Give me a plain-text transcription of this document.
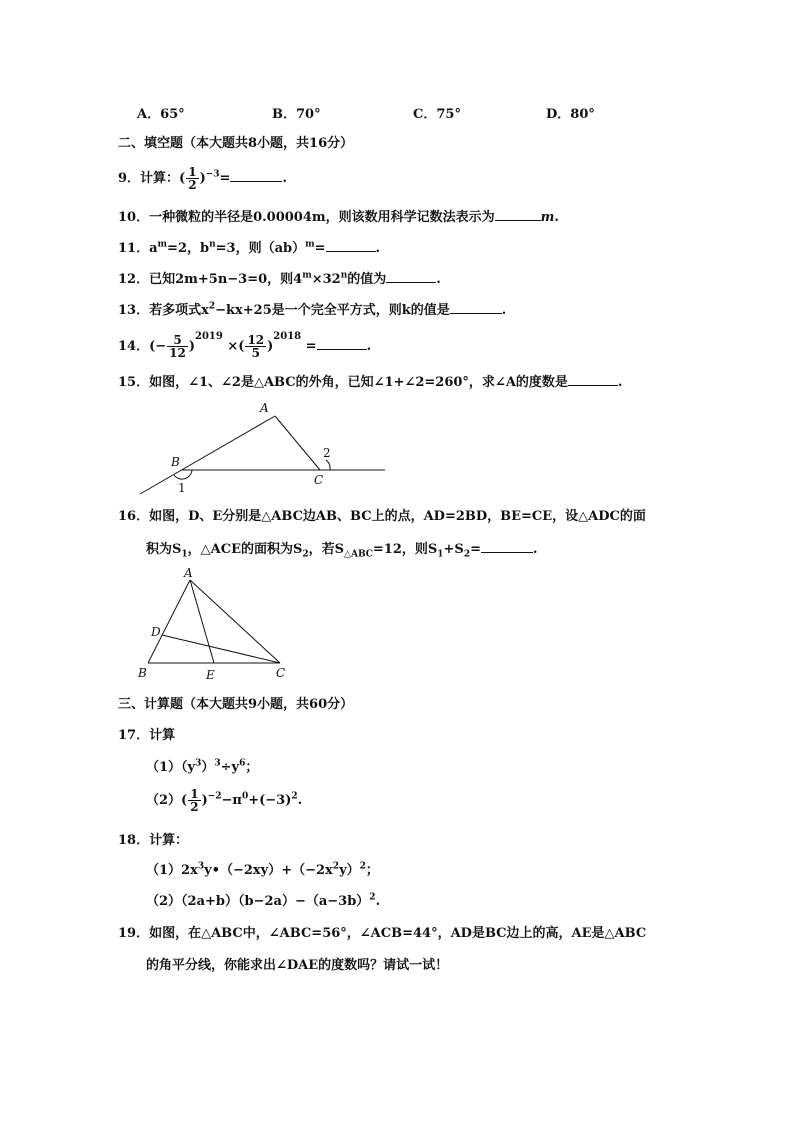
A．65°	B．70°	C．75°	D．80°
二、填空题（本大题共8小题，共16分）
9．计算：( $\frac{1}{2} )^{-3}=$	.
10．一种微粒的半径是0.00004m，则该数用科学记数法表示为	m.
11．$a^m=2$，$b^n=3$，则（ab）$^m$=	.
12．已知2m+5n−3=0，则$4^m\times 32^n$的值为	.
13．若多项式$x^2-kx+25$是一个完全平方式，则k的值是	.
14．(− $\frac{5}{12} )^{2019}$ ×( $\frac{12}{5} )^{2018}$ =	.
15．如图，∠1、∠2是△ABC的外角，已知∠1+∠2=260°，求∠A的度数是	.
A
B
C
1
2
16．如图，D、E分别是△ABC边AB、BC上的点，AD=2BD，BE=CE，设△ADC的面
积为$S_1$，△ACE的面积为$S_2$，若$S_{\triangle ABC}=12$，则$S_1+S_2=$	.
A
B	C
D
E
三、计算题（本大题共9小题，共60分）
17．计算
$(1)(y^3)^3\div y^6$；
$(2)( \frac{1}{2} )^{-2}-\pi^0+(-3)^2$.
18．计算：
$(1)2x^3y•(-2xy)+(-2x^2y)^2$；
$(2)(2a+b)(b-2a)-(a-3b)^2$.
19．如图，在△ABC中，∠ABC=56°，∠ACB=44°，AD是BC边上的高，AE是△ABC
的角平分线，你能求出∠DAE的度数吗？请试一试！
